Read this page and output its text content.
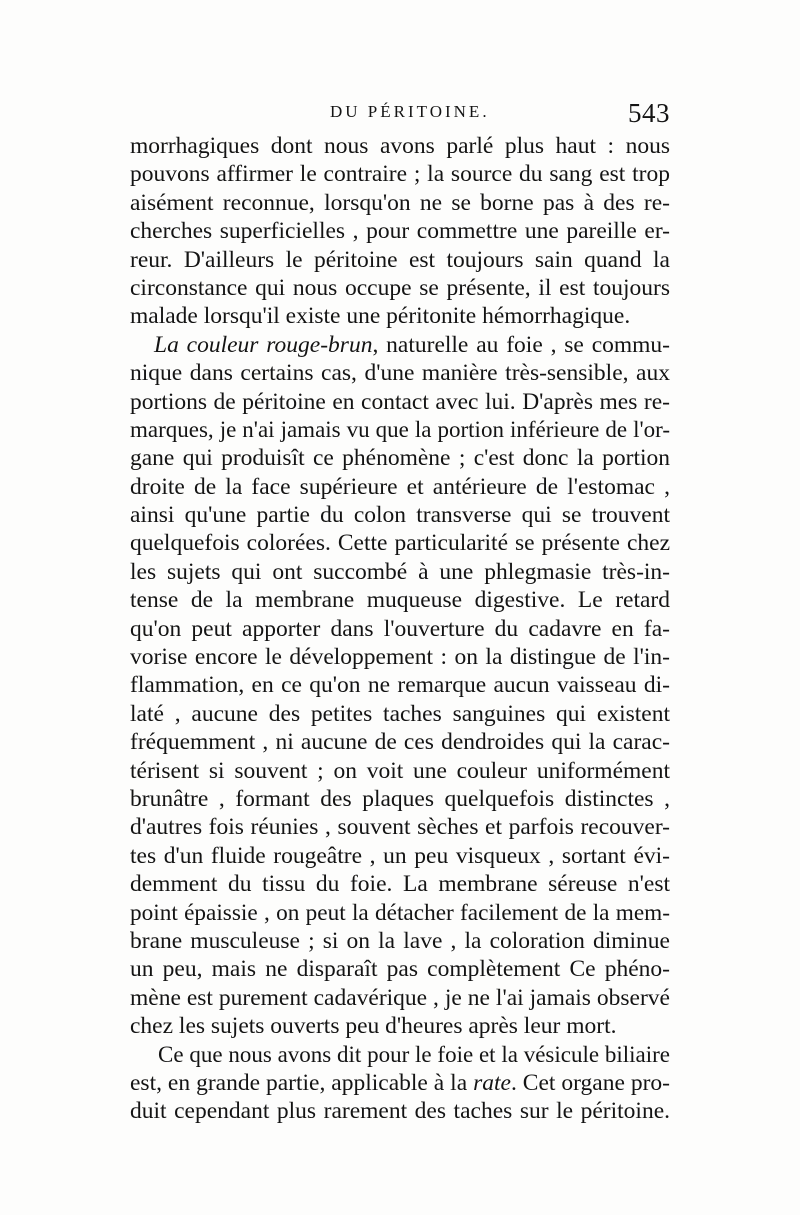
DU PÉRITOINE.	543
morrhagiques dont nous avons parlé plus haut : nous
pouvons affirmer le contraire ; la source du sang est trop
aisément reconnue, lorsqu'on ne se borne pas à des re-
cherches superficielles , pour commettre une pareille er-
reur. D'ailleurs le péritoine est toujours sain quand la
circonstance qui nous occupe se présente, il est toujours
malade lorsqu'il existe une péritonite hémorrhagique.
La couleur rouge-brun, naturelle au foie , se commu-
nique dans certains cas, d'une manière très-sensible, aux
portions de péritoine en contact avec lui. D'après mes re-
marques, je n'ai jamais vu que la portion inférieure de l'or-
gane qui produisît ce phénomène ; c'est donc la portion
droite de la face supérieure et antérieure de l'estomac ,
ainsi qu'une partie du colon transverse qui se trouvent
quelquefois colorées. Cette particularité se présente chez
les sujets qui ont succombé à une phlegmasie très-in-
tense de la membrane muqueuse digestive. Le retard
qu'on peut apporter dans l'ouverture du cadavre en fa-
vorise encore le développement : on la distingue de l'in-
flammation, en ce qu'on ne remarque aucun vaisseau di-
laté , aucune des petites taches sanguines qui existent
fréquemment , ni aucune de ces dendroides qui la carac-
térisent si souvent ; on voit une couleur uniformément
brunâtre , formant des plaques quelquefois distinctes ,
d'autres fois réunies , souvent sèches et parfois recouver-
tes d'un fluide rougeâtre , un peu visqueux , sortant évi-
demment du tissu du foie. La membrane séreuse n'est
point épaissie , on peut la détacher facilement de la mem-
brane musculeuse ; si on la lave , la coloration diminue
un peu, mais ne disparaît pas complètement Ce phéno-
mène est purement cadavérique , je ne l'ai jamais observé
chez les sujets ouverts peu d'heures après leur mort.
Ce que nous avons dit pour le foie et la vésicule biliaire
est, en grande partie, applicable à la rate. Cet organe pro-
duit cependant plus rarement des taches sur le péritoine.
